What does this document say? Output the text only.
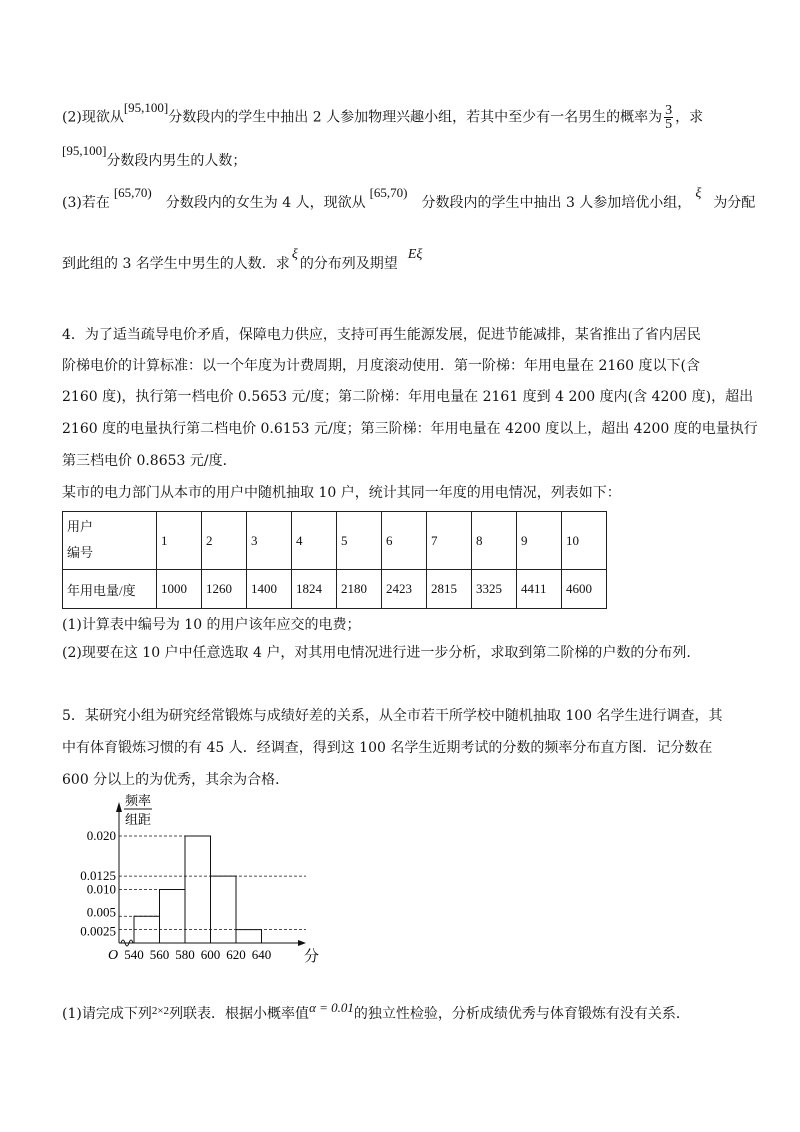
(2)现欲从[95,100]分数段内的学生中抽出 2 人参加物理兴趣小组，若其中至少有一名男生的概率为 $\frac{3}{5}$ ，求
[95,100]分数段内男生的人数；
(3)若在[65,70)分数段内的女生为 4 人，现欲从[65,70)分数段内的学生中抽出 3 人参加培优小组，ξ为分配
到此组的 3 名学生中男生的人数．求ξ的分布列及期望Eξ
4．为了适当疏导电价矛盾，保障电力供应，支持可再生能源发展，促进节能减排，某省推出了省内居民
阶梯电价的计算标准：以一个年度为计费周期，月度滚动使用．第一阶梯：年用电量在 2160 度以下(含
2160 度)，执行第一档电价 0.5653 元/度；第二阶梯：年用电量在 2161 度到 4 200 度内(含 4200 度)，超出
2160 度的电量执行第二档电价 0.6153 元/度；第三阶梯：年用电量在 4200 度以上，超出 4200 度的电量执行
第三档电价 0.8653 元/度．
某市的电力部门从本市的用户中随机抽取 10 户，统计其同一年度的用电情况，列表如下：
用户
编号	1	2	3	4	5	6	7	8	9	10
年用电量/度	1000	1260	1400	1824	2180	2423	2815	3325	4411	4600
(1)计算表中编号为 10 的用户该年应交的电费；
(2)现要在这 10 户中任意选取 4 户，对其用电情况进行进一步分析，求取到第二阶梯的户数的分布列.
5．某研究小组为研究经常锻炼与成绩好差的关系，从全市若干所学校中随机抽取 100 名学生进行调查，其
中有体育锻炼习惯的有 45 人．经调查，得到这 100 名学生近期考试的分数的频率分布直方图．记分数在
600 分以上的为优秀，其余为合格．
频率
组距
0.020
0.0125
0.010
0.005
0.0025
O 540 560 580 600 620 640 分
(1)请完成下列$^{2\times 2}$列联表．根据小概率值α = 0.01的独立性检验，分析成绩优秀与体育锻炼有没有关系．
